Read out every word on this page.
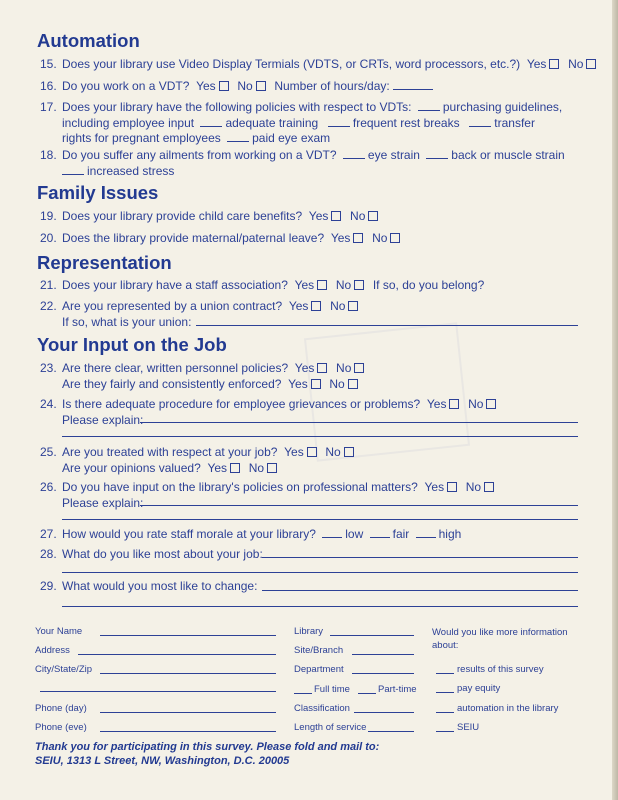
Automation
15. Does your library use Video Display Termials (VDTS, or CRTs, word processors, etc.?) Yes No
16. Do you work on a VDT? Yes No Number of hours/day:
17. Does your library have the following policies with respect to VDTs:	purchasing guidelines,
including employee input	adequate training	frequent rest breaks	transfer
rights for pregnant employees	paid eye exam
18. Do you suffer any ailments from working on a VDT?	eye strain	back or muscle strain
increased stress
Family Issues
19. Does your library provide child care benefits? Yes No
20. Does the library provide maternal/paternal leave? Yes No
Representation
21. Does your library have a staff association? Yes No If so, do you belong?
22. Are you represented by a union contract? Yes No
If so, what is your union:
Your Input on the Job
23. Are there clear, written personnel policies? Yes No
Are they fairly and consistently enforced? Yes No
24. Is there adequate procedure for employee grievances or problems? Yes No
Please explain:
25. Are you treated with respect at your job? Yes No
Are your opinions valued? Yes No
26. Do you have input on the library's policies on professional matters? Yes No
Please explain:
27. How would you rate staff morale at your library? low fair high
28. What do you like most about your job:
29. What would you most like to change:
Your Name
Address
City/State/Zip
Phone (day)
Phone (eve)
Library
Site/Branch
Department
Full time	Part-time
Classification
Length of service
Would you like more information about:
results of this survey
pay equity
automation in the library
SEIU
Thank you for participating in this survey. Please fold and mail to:
SEIU, 1313 L Street, NW, Washington, D.C. 20005
